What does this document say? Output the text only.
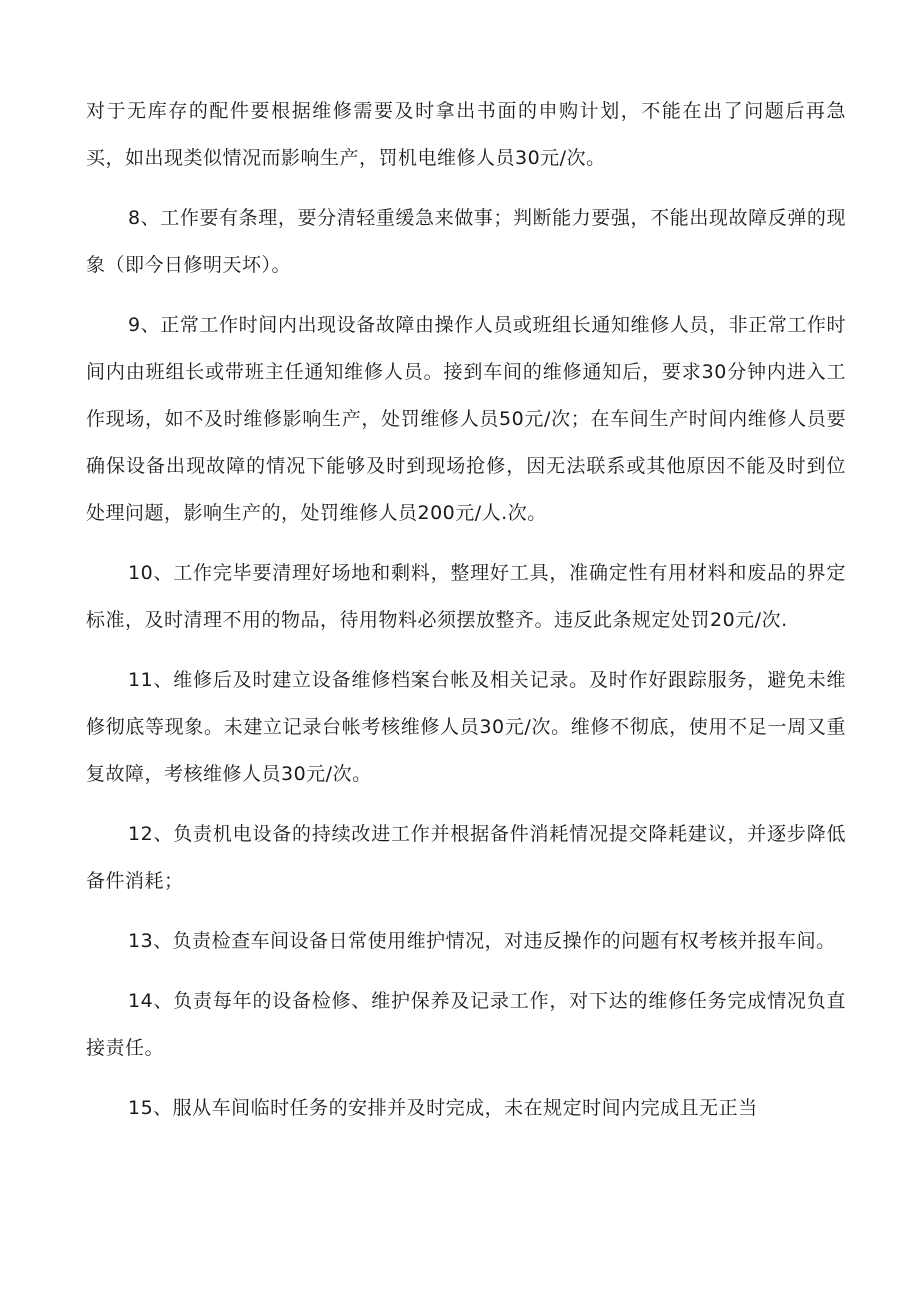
对于无库存的配件要根据维修需要及时拿出书面的申购计划，不能在出了问题后再急买，如出现类似情况而影响生产，罚机电维修人员30元/次。

8、工作要有条理，要分清轻重缓急来做事；判断能力要强，不能出现故障反弹的现象（即今日修明天坏）。

9、正常工作时间内出现设备故障由操作人员或班组长通知维修人员，非正常工作时间内由班组长或带班主任通知维修人员。接到车间的维修通知后，要求30分钟内进入工作现场，如不及时维修影响生产，处罚维修人员50元/次；在车间生产时间内维修人员要确保设备出现故障的情况下能够及时到现场抢修，因无法联系或其他原因不能及时到位处理问题，影响生产的，处罚维修人员200元/人.次。

10、工作完毕要清理好场地和剩料，整理好工具，准确定性有用材料和废品的界定标准，及时清理不用的物品，待用物料必须摆放整齐。违反此条规定处罚20元/次.

11、维修后及时建立设备维修档案台帐及相关记录。及时作好跟踪服务，避免未维修彻底等现象。未建立记录台帐考核维修人员30元/次。维修不彻底，使用不足一周又重复故障，考核维修人员30元/次。

12、负责机电设备的持续改进工作并根据备件消耗情况提交降耗建议，并逐步降低备件消耗；

13、负责检查车间设备日常使用维护情况，对违反操作的问题有权考核并报车间。

14、负责每年的设备检修、维护保养及记录工作，对下达的维修任务完成情况负直接责任。

15、服从车间临时任务的安排并及时完成，未在规定时间内完成且无正当
